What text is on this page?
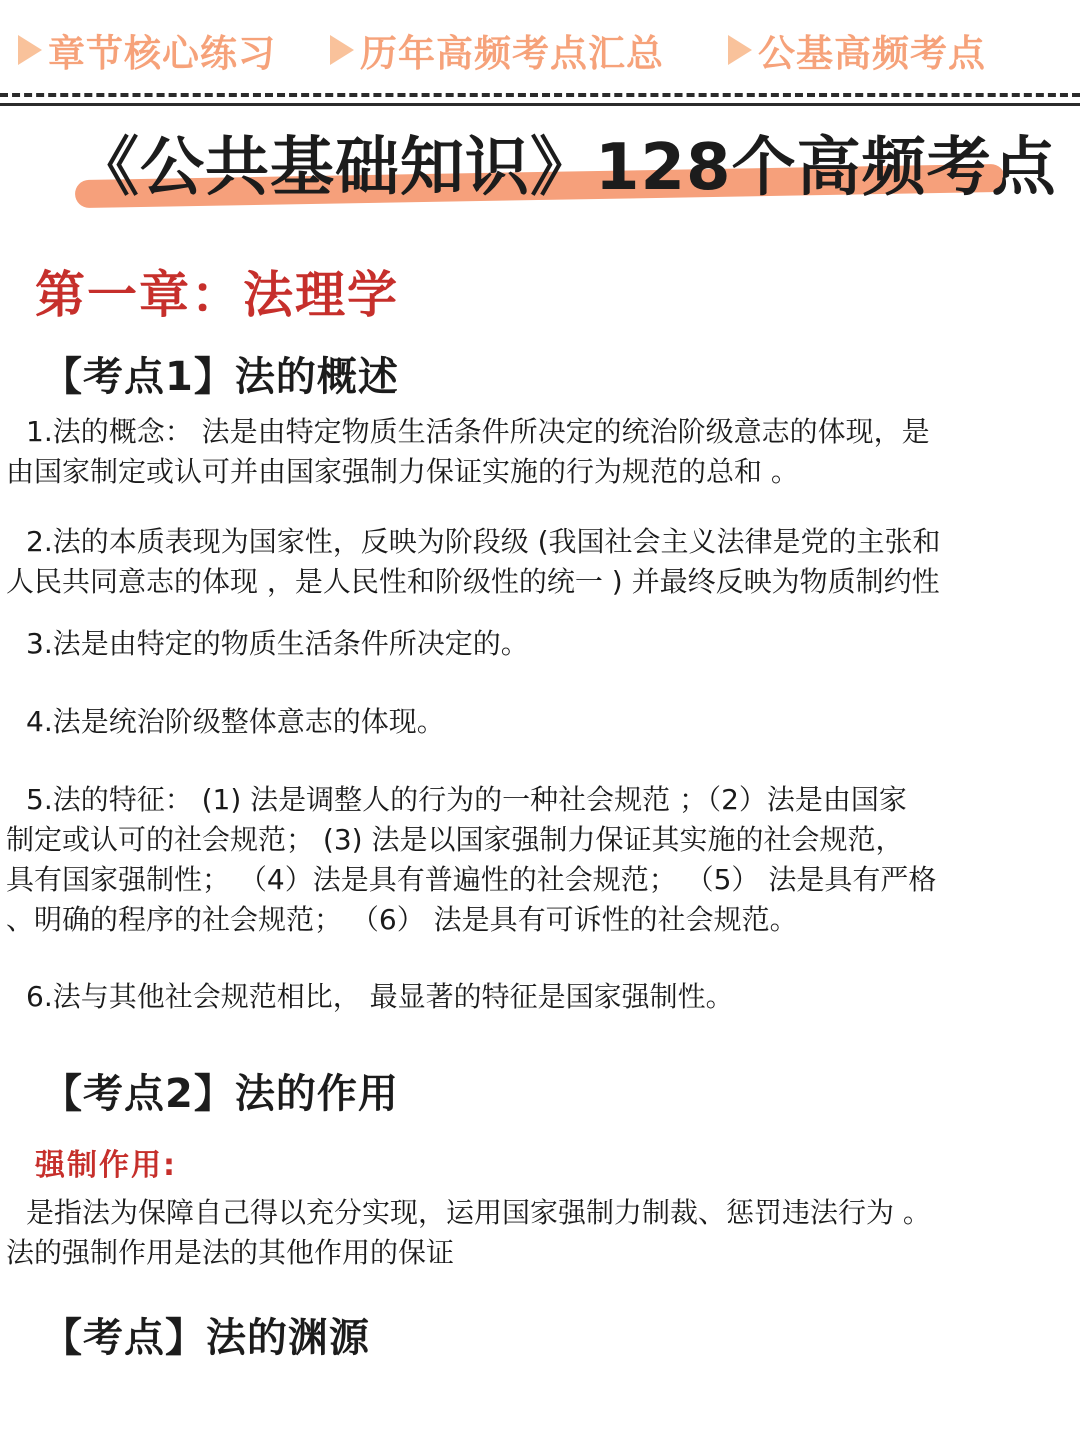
章节核心练习 历年高频考点汇总	公基高频考点
《公共基础知识》128个高频考点
第一章：法理学
【考点1】法的概述
1.法的概念： 法是由特定物质生活条件所决定的统治阶级意志的体现，是
由国家制定或认可并由国家强制力保证实施的行为规范的总和 。
2.法的本质表现为国家性，反映为阶段级 (我国社会主义法律是党的主张和
人民共同意志的体现 ，是人民性和阶级性的统一 ) 并最终反映为物质制约性
3.法是由特定的物质生活条件所决定的。
4.法是统治阶级整体意志的体现。
5.法的特征： (1) 法是调整人的行为的一种社会规范 ；（2）法是由国家
制定或认可的社会规范； (3) 法是以国家强制力保证其实施的社会规范，
具有国家强制性； （4）法是具有普遍性的社会规范； （5） 法是具有严格
、明确的程序的社会规范； （6） 法是具有可诉性的社会规范。
6.法与其他社会规范相比， 最显著的特征是国家强制性。
【考点2】法的作用
强制作用:
是指法为保障自己得以充分实现，运用国家强制力制裁、惩罚违法行为 。
法的强制作用是法的其他作用的保证
【考点】法的渊源
